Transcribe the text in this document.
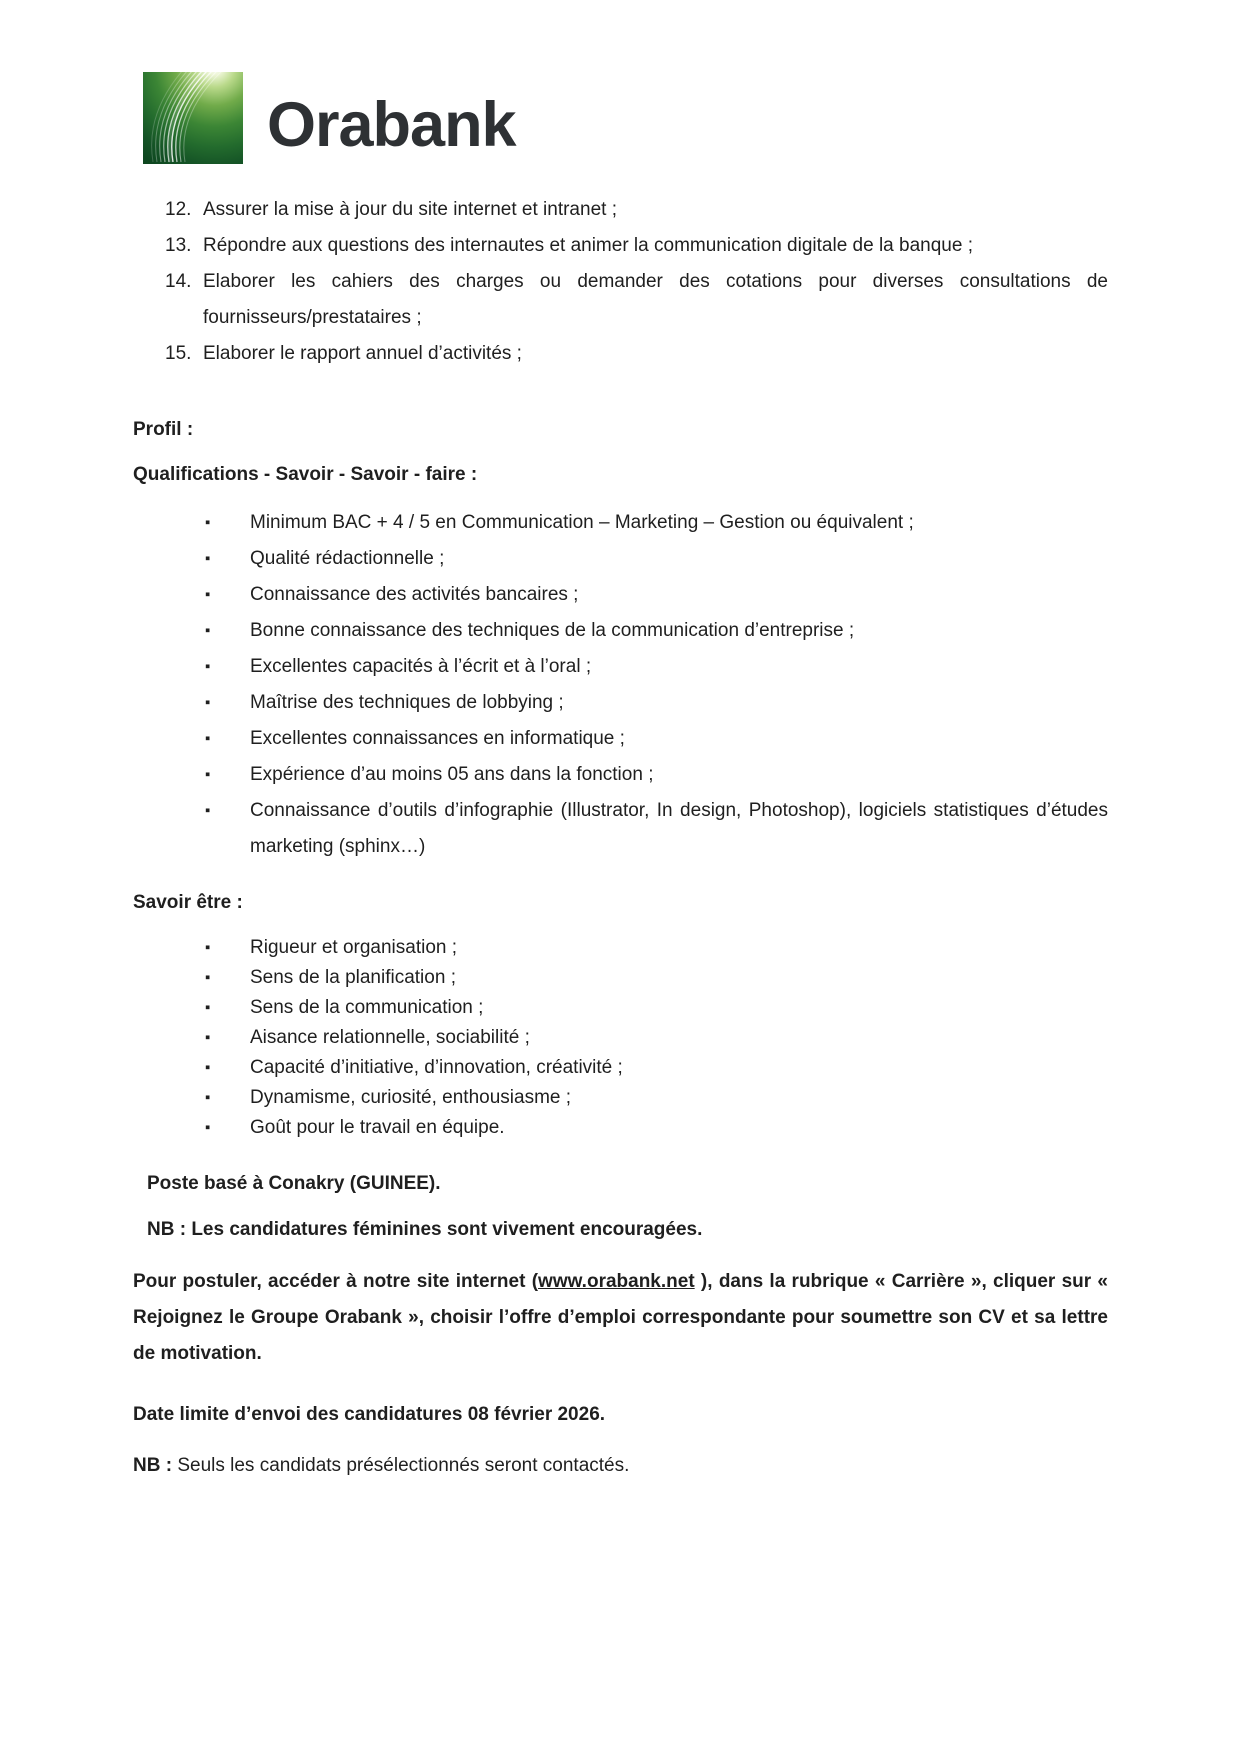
Orabank
12. Assurer la mise à jour du site internet et intranet ;
13. Répondre aux questions des internautes et animer la communication digitale de la banque ;
14. Elaborer les cahiers des charges ou demander des cotations pour diverses consultations de fournisseurs/prestataires ;
15. Elaborer le rapport annuel d’activités ;

Profil :

Qualifications - Savoir - Savoir - faire :

▪	Minimum BAC + 4 / 5 en Communication – Marketing – Gestion ou équivalent ;
▪	Qualité rédactionnelle ;
▪	Connaissance des activités bancaires ;
▪	Bonne connaissance des techniques de la communication d’entreprise ;
▪	Excellentes capacités à l’écrit et à l’oral ;
▪	Maîtrise des techniques de lobbying ;
▪	Excellentes connaissances en informatique ;
▪	Expérience d’au moins 05 ans dans la fonction ;
▪	Connaissance d’outils d’infographie (Illustrator, In design, Photoshop), logiciels statistiques d’études marketing (sphinx…)

Savoir être :

▪	Rigueur et organisation ;
▪	Sens de la planification ;
▪	Sens de la communication ;
▪	Aisance relationnelle, sociabilité ;
▪	Capacité d’initiative, d’innovation, créativité ;
▪	Dynamisme, curiosité, enthousiasme ;
▪	Goût pour le travail en équipe.

Poste basé à Conakry (GUINEE).

NB : Les candidatures féminines sont vivement encouragées.

Pour postuler, accéder à notre site internet (www.orabank.net ), dans la rubrique « Carrière », cliquer sur « Rejoignez le Groupe Orabank », choisir l’offre d’emploi correspondante pour soumettre son CV et sa lettre de motivation.

Date limite d’envoi des candidatures 08 février 2026.

NB : Seuls les candidats présélectionnés seront contactés.
